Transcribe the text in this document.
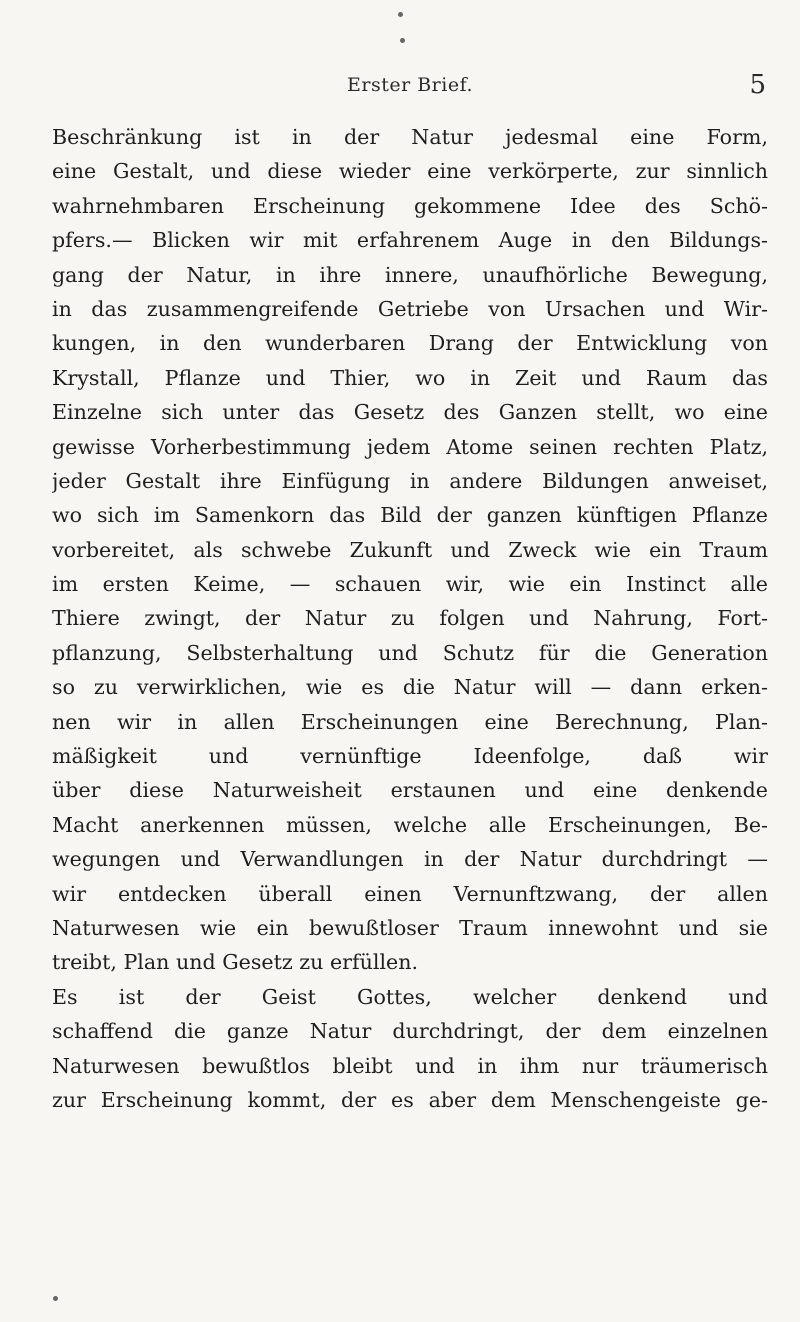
Erster Brief.	5
Beschränkung ist in der Natur jedesmal eine Form,
eine Gestalt, und diese wieder eine verkörperte, zur sinnlich
wahrnehmbaren Erscheinung gekommene Idee des Schö-
pfers.— Blicken wir mit erfahrenem Auge in den Bildungs-
gang der Natur, in ihre innere, unaufhörliche Bewegung,
in das zusammengreifende Getriebe von Ursachen und Wir-
kungen, in den wunderbaren Drang der Entwicklung von
Krystall, Pflanze und Thier, wo in Zeit und Raum das
Einzelne sich unter das Gesetz des Ganzen stellt, wo eine
gewisse Vorherbestimmung jedem Atome seinen rechten Platz,
jeder Gestalt ihre Einfügung in andere Bildungen anweiset,
wo sich im Samenkorn das Bild der ganzen künftigen Pflanze
vorbereitet, als schwebe Zukunft und Zweck wie ein Traum
im ersten Keime, — schauen wir, wie ein Instinct alle
Thiere zwingt, der Natur zu folgen und Nahrung, Fort-
pflanzung, Selbsterhaltung und Schutz für die Generation
so zu verwirklichen, wie es die Natur will — dann erken-
nen wir in allen Erscheinungen eine Berechnung, Plan-
mäßigkeit und vernünftige Ideenfolge, daß wir
über diese Naturweisheit erstaunen und eine denkende
Macht anerkennen müssen, welche alle Erscheinungen, Be-
wegungen und Verwandlungen in der Natur durchdringt —
wir entdecken überall einen Vernunftzwang, der allen
Naturwesen wie ein bewußtloser Traum innewohnt und sie
treibt, Plan und Gesetz zu erfüllen.
Es ist der Geist Gottes, welcher denkend und
schaffend die ganze Natur durchdringt, der dem einzelnen
Naturwesen bewußtlos bleibt und in ihm nur träumerisch
zur Erscheinung kommt, der es aber dem Menschengeiste ge-
